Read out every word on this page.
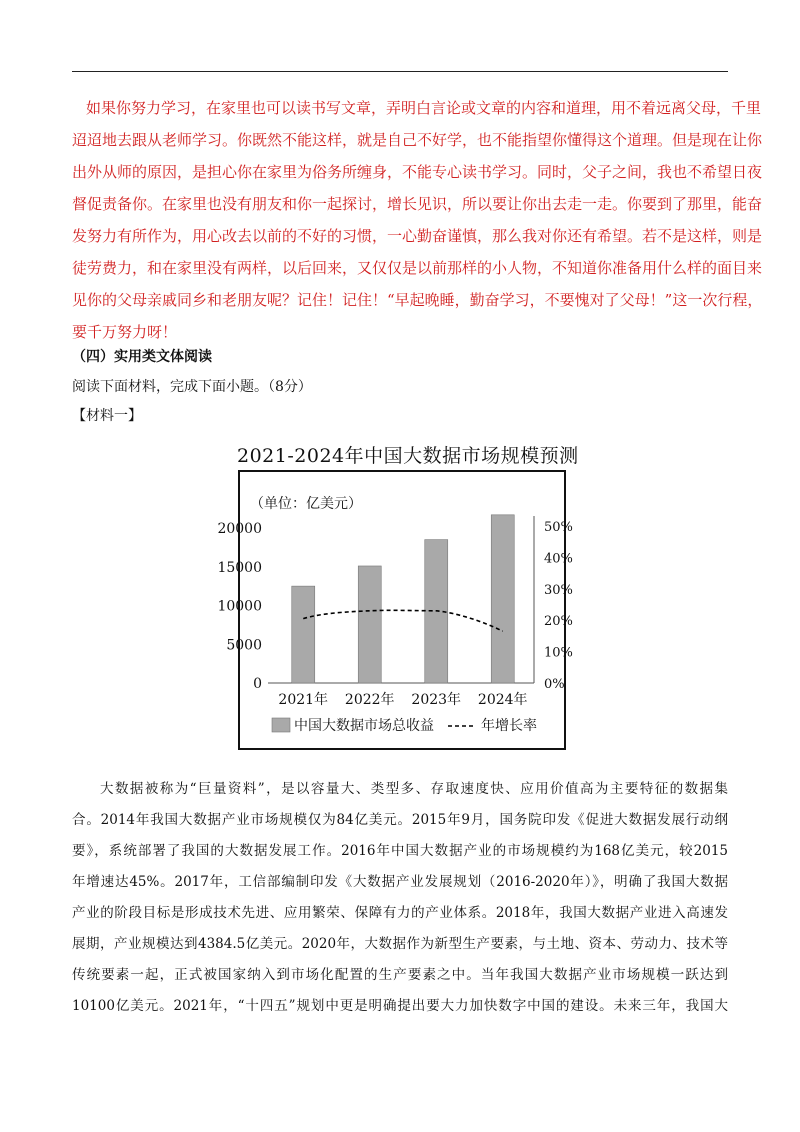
如果你努力学习，在家里也可以读书写文章，弄明白言论或文章的内容和道理，用不着远离父母，千里
迢迢地去跟从老师学习。你既然不能这样，就是自己不好学，也不能指望你懂得这个道理。但是现在让你
出外从师的原因，是担心你在家里为俗务所缠身，不能专心读书学习。同时，父子之间，我也不希望日夜
督促责备你。在家里也没有朋友和你一起探讨，增长见识，所以要让你出去走一走。你要到了那里，能奋
发努力有所作为，用心改去以前的不好的习惯，一心勤奋谨慎，那么我对你还有希望。若不是这样，则是
徒劳费力，和在家里没有两样，以后回来，又仅仅是以前那样的小人物，不知道你准备用什么样的面目来
见你的父母亲戚同乡和老朋友呢？记住！记住！“早起晚睡，勤奋学习，不要愧对了父母！”这一次行程，
要千万努力呀！
（四）实用类文体阅读
阅读下面材料，完成下面小题。（8分）
【材料一】
2021-2024年中国大数据市场规模预测
（单位：亿美元）
20000
15000
10000
5000
0
50%
40%
30%
20%
10%
0%
2021年 2022年 2023年 2024年
中国大数据市场总收益	年增长率
大数据被称为“巨量资料”，是以容量大、类型多、存取速度快、应用价值高为主要特征的数据集
合。2014年我国大数据产业市场规模仅为84亿美元。2015年9月，国务院印发《促进大数据发展行动纲
要》，系统部署了我国的大数据发展工作。2016年中国大数据产业的市场规模约为168亿美元，较2015
年增速达45%。2017年，工信部编制印发《大数据产业发展规划（2016-2020年）》，明确了我国大数据
产业的阶段目标是形成技术先进、应用繁荣、保障有力的产业体系。2018年，我国大数据产业进入高速发
展期，产业规模达到4384.5亿美元。2020年，大数据作为新型生产要素，与土地、资本、劳动力、技术等
传统要素一起，正式被国家纳入到市场化配置的生产要素之中。当年我国大数据产业市场规模一跃达到
10100亿美元。2021年，“十四五”规划中更是明确提出要大力加快数字中国的建设。未来三年，我国大
